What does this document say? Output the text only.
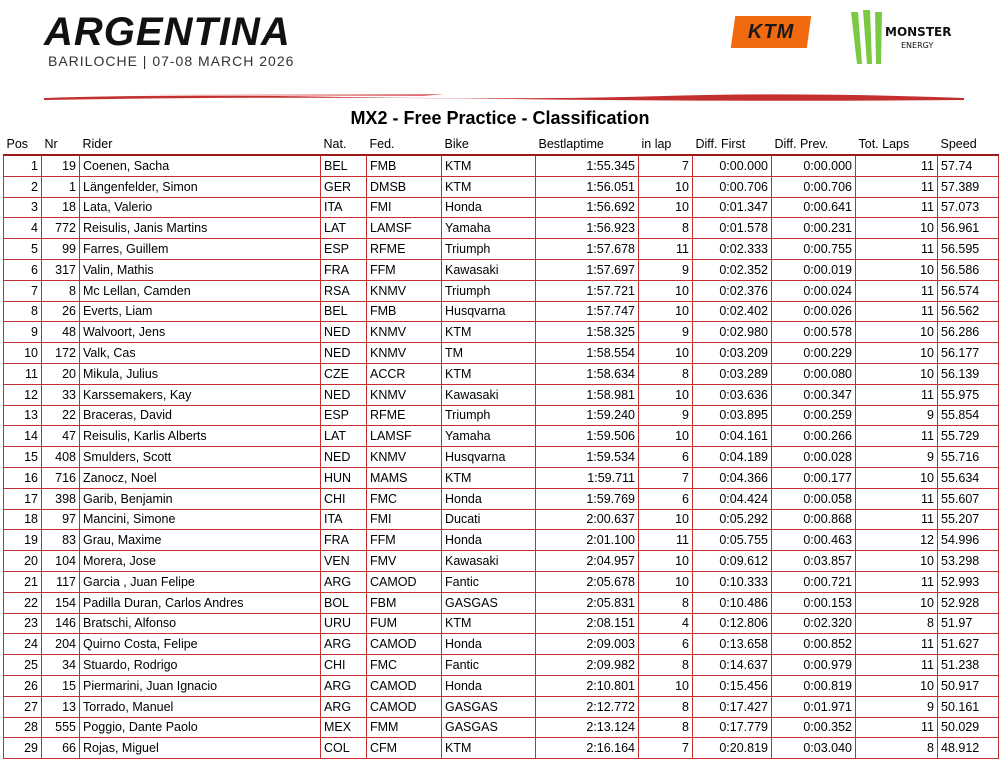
ARGENTINA
BARILOCHE | 07-08 MARCH 2026
KTM	MONSTER
ENERGY
MX2 - Free Practice - Classification
Pos	Nr	Rider	Nat.	Fed.	Bike	Bestlaptime	in lap	Diff. First	Diff. Prev.	Tot. Laps	Speed
1	19	Coenen, Sacha	BEL	FMB	KTM	1:55.345	7	0:00.000	0:00.000	11	57.74
2	1	Längenfelder, Simon	GER	DMSB	KTM	1:56.051	10	0:00.706	0:00.706	11	57.389
3	18	Lata, Valerio	ITA	FMI	Honda	1:56.692	10	0:01.347	0:00.641	11	57.073
4	772	Reisulis, Janis Martins	LAT	LAMSF	Yamaha	1:56.923	8	0:01.578	0:00.231	10	56.961
5	99	Farres, Guillem	ESP	RFME	Triumph	1:57.678	11	0:02.333	0:00.755	11	56.595
6	317	Valin, Mathis	FRA	FFM	Kawasaki	1:57.697	9	0:02.352	0:00.019	10	56.586
7	8	Mc Lellan, Camden	RSA	KNMV	Triumph	1:57.721	10	0:02.376	0:00.024	11	56.574
8	26	Everts, Liam	BEL	FMB	Husqvarna	1:57.747	10	0:02.402	0:00.026	11	56.562
9	48	Walvoort, Jens	NED	KNMV	KTM	1:58.325	9	0:02.980	0:00.578	10	56.286
10	172	Valk, Cas	NED	KNMV	TM	1:58.554	10	0:03.209	0:00.229	10	56.177
11	20	Mikula, Julius	CZE	ACCR	KTM	1:58.634	8	0:03.289	0:00.080	10	56.139
12	33	Karssemakers, Kay	NED	KNMV	Kawasaki	1:58.981	10	0:03.636	0:00.347	11	55.975
13	22	Braceras, David	ESP	RFME	Triumph	1:59.240	9	0:03.895	0:00.259	9	55.854
14	47	Reisulis, Karlis Alberts	LAT	LAMSF	Yamaha	1:59.506	10	0:04.161	0:00.266	11	55.729
15	408	Smulders, Scott	NED	KNMV	Husqvarna	1:59.534	6	0:04.189	0:00.028	9	55.716
16	716	Zanocz, Noel	HUN	MAMS	KTM	1:59.711	7	0:04.366	0:00.177	10	55.634
17	398	Garib, Benjamin	CHI	FMC	Honda	1:59.769	6	0:04.424	0:00.058	11	55.607
18	97	Mancini, Simone	ITA	FMI	Ducati	2:00.637	10	0:05.292	0:00.868	11	55.207
19	83	Grau, Maxime	FRA	FFM	Honda	2:01.100	11	0:05.755	0:00.463	12	54.996
20	104	Morera, Jose	VEN	FMV	Kawasaki	2:04.957	10	0:09.612	0:03.857	10	53.298
21	117	Garcia , Juan Felipe	ARG	CAMOD	Fantic	2:05.678	10	0:10.333	0:00.721	11	52.993
22	154	Padilla Duran, Carlos Andres	BOL	FBM	GASGAS	2:05.831	8	0:10.486	0:00.153	10	52.928
23	146	Bratschi, Alfonso	URU	FUM	KTM	2:08.151	4	0:12.806	0:02.320	8	51.97
24	204	Quirno Costa, Felipe	ARG	CAMOD	Honda	2:09.003	6	0:13.658	0:00.852	11	51.627
25	34	Stuardo, Rodrigo	CHI	FMC	Fantic	2:09.982	8	0:14.637	0:00.979	11	51.238
26	15	Piermarini, Juan Ignacio	ARG	CAMOD	Honda	2:10.801	10	0:15.456	0:00.819	10	50.917
27	13	Torrado, Manuel	ARG	CAMOD	GASGAS	2:12.772	8	0:17.427	0:01.971	9	50.161
28	555	Poggio, Dante Paolo	MEX	FMM	GASGAS	2:13.124	8	0:17.779	0:00.352	11	50.029
29	66	Rojas, Miguel	COL	CFM	KTM	2:16.164	7	0:20.819	0:03.040	8	48.912
